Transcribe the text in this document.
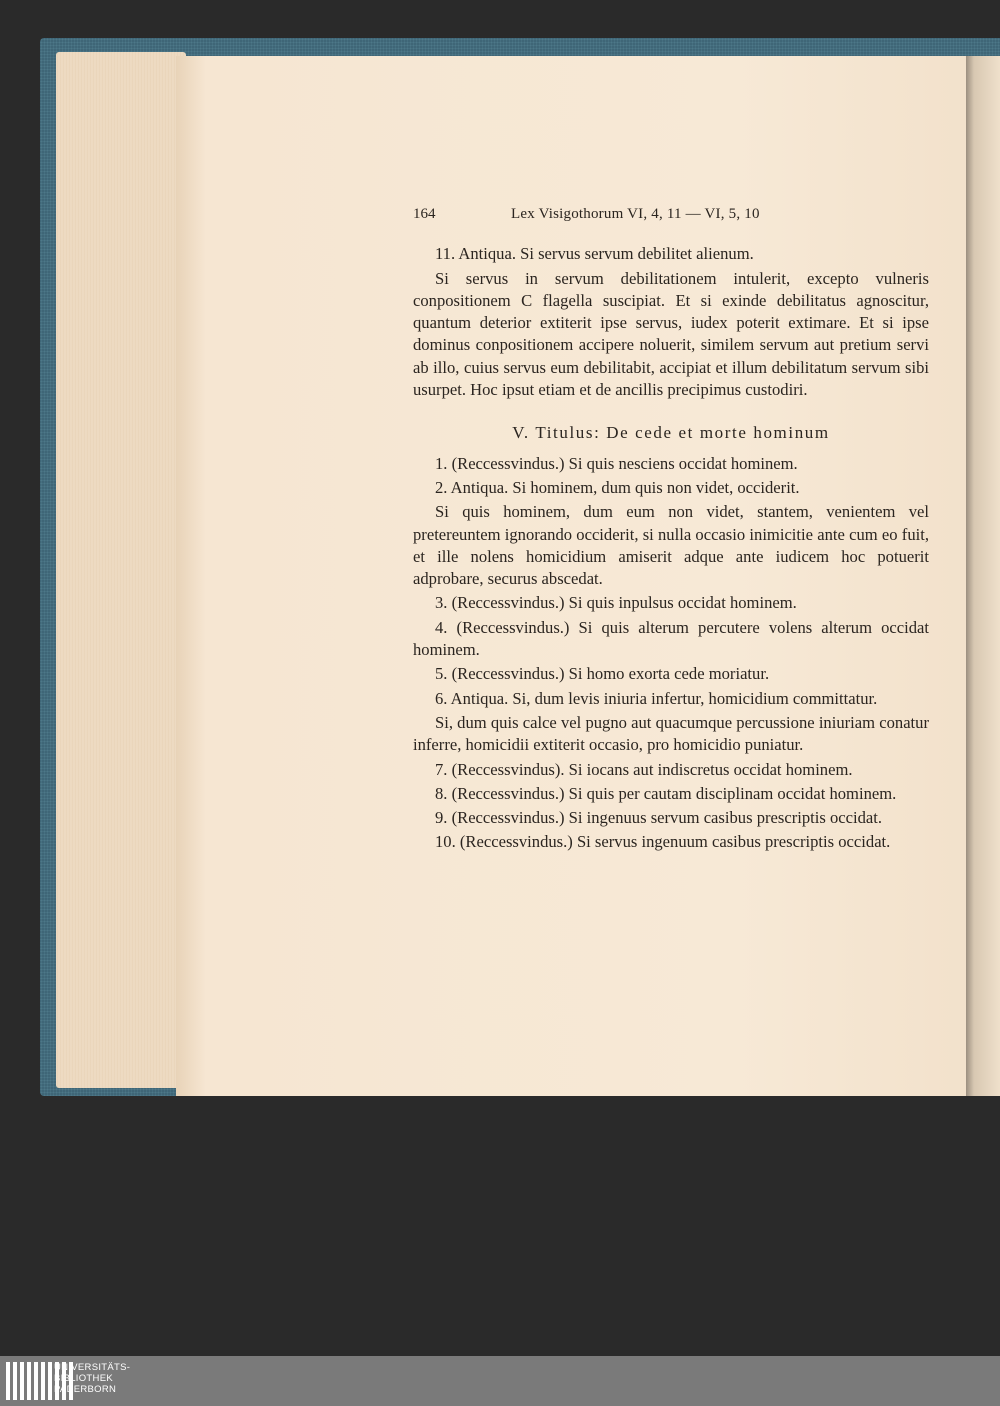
164	Lex Visigothorum VI, 4, 11 — VI, 5, 10

11. Antiqua. Si servus servum debilitet alienum.

Si servus in servum debilitationem intulerit, excepto vulneris conpositionem C flagella suscipiat. Et si exinde debilitatus agnoscitur, quantum deterior extiterit ipse servus, iudex poterit extimare. Et si ipse dominus conpositionem accipere noluerit, similem servum aut pretium servi ab illo, cuius servus eum debilitabit, accipiat et illum debilitatum servum sibi usurpet. Hoc ipsut etiam et de ancillis precipimus custodiri.

V. Titulus: De cede et morte hominum

1. (Reccessvindus.) Si quis nesciens occidat hominem.

2. Antiqua. Si hominem, dum quis non videt, occiderit.

Si quis hominem, dum eum non videt, stantem, venientem vel pretereuntem ignorando occiderit, si nulla occasio inimicitie ante cum eo fuit, et ille nolens homicidium amiserit adque ante iudicem hoc potuerit adprobare, securus abscedat.

3. (Reccessvindus.) Si quis inpulsus occidat hominem.

4. (Reccessvindus.) Si quis alterum percutere volens alterum occidat hominem.

5. (Reccessvindus.) Si homo exorta cede moriatur.

6. Antiqua. Si, dum levis iniuria infertur, homicidium committatur.

Si, dum quis calce vel pugno aut quacumque percussione iniuriam conatur inferre, homicidii extiterit occasio, pro homicidio puniatur.

7. (Reccessvindus). Si iocans aut indiscretus occidat hominem.

8. (Reccessvindus.) Si quis per cautam disciplinam occidat hominem.

9. (Reccessvindus.) Si ingenuus servum casibus prescriptis occidat.

10. (Reccessvindus.) Si servus ingenuum casibus prescriptis occidat.

UNIVERSITÄTS-
BIBLIOTHEK
PADERBORN
